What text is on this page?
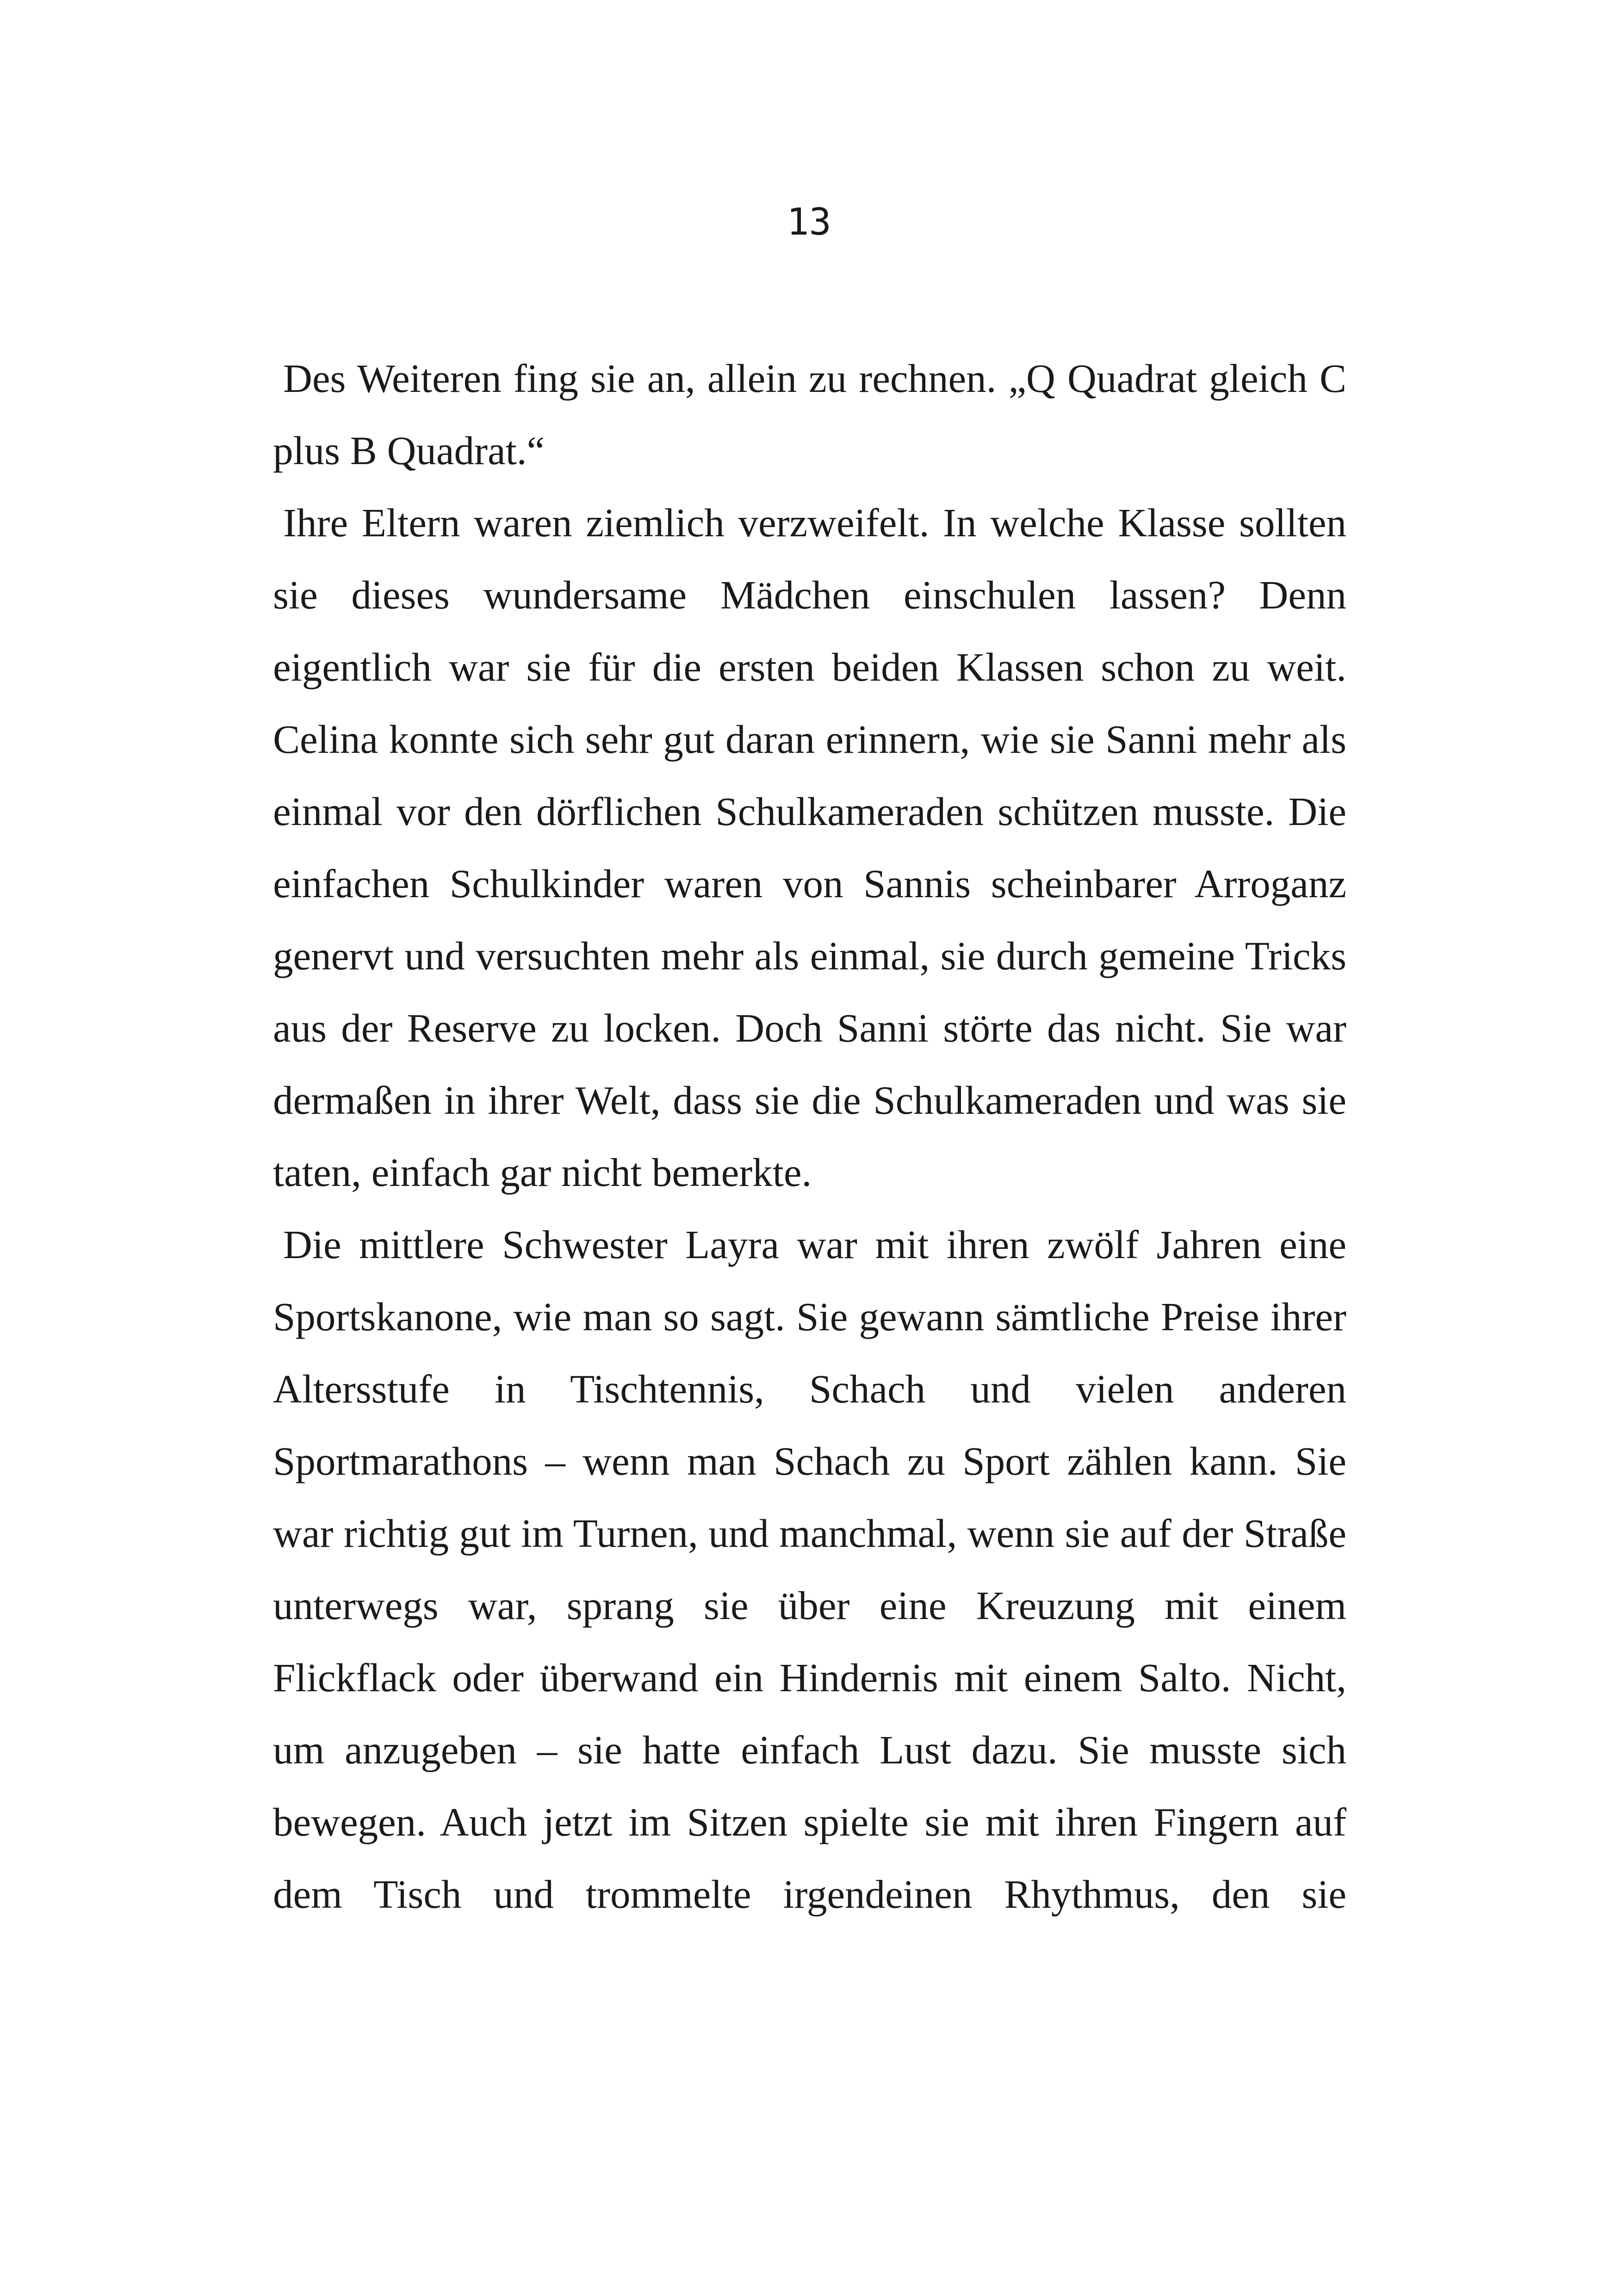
13
Des Weiteren fing sie an, allein zu rechnen. „Q Quadrat gleich C
plus B Quadrat.“
Ihre Eltern waren ziemlich verzweifelt. In welche Klasse sollten
sie dieses wundersame Mädchen einschulen lassen? Denn
eigentlich war sie für die ersten beiden Klassen schon zu weit.
Celina konnte sich sehr gut daran erinnern, wie sie Sanni mehr als
einmal vor den dörflichen Schulkameraden schützen musste. Die
einfachen Schulkinder waren von Sannis scheinbarer Arroganz
genervt und versuchten mehr als einmal, sie durch gemeine Tricks
aus der Reserve zu locken. Doch Sanni störte das nicht. Sie war
dermaßen in ihrer Welt, dass sie die Schulkameraden und was sie
taten, einfach gar nicht bemerkte.
Die mittlere Schwester Layra war mit ihren zwölf Jahren eine
Sportskanone, wie man so sagt. Sie gewann sämtliche Preise ihrer
Altersstufe in Tischtennis, Schach und vielen anderen
Sportmarathons – wenn man Schach zu Sport zählen kann. Sie
war richtig gut im Turnen, und manchmal, wenn sie auf der Straße
unterwegs war, sprang sie über eine Kreuzung mit einem
Flickflack oder überwand ein Hindernis mit einem Salto. Nicht,
um anzugeben – sie hatte einfach Lust dazu. Sie musste sich
bewegen. Auch jetzt im Sitzen spielte sie mit ihren Fingern auf
dem Tisch und trommelte irgendeinen Rhythmus, den sie
